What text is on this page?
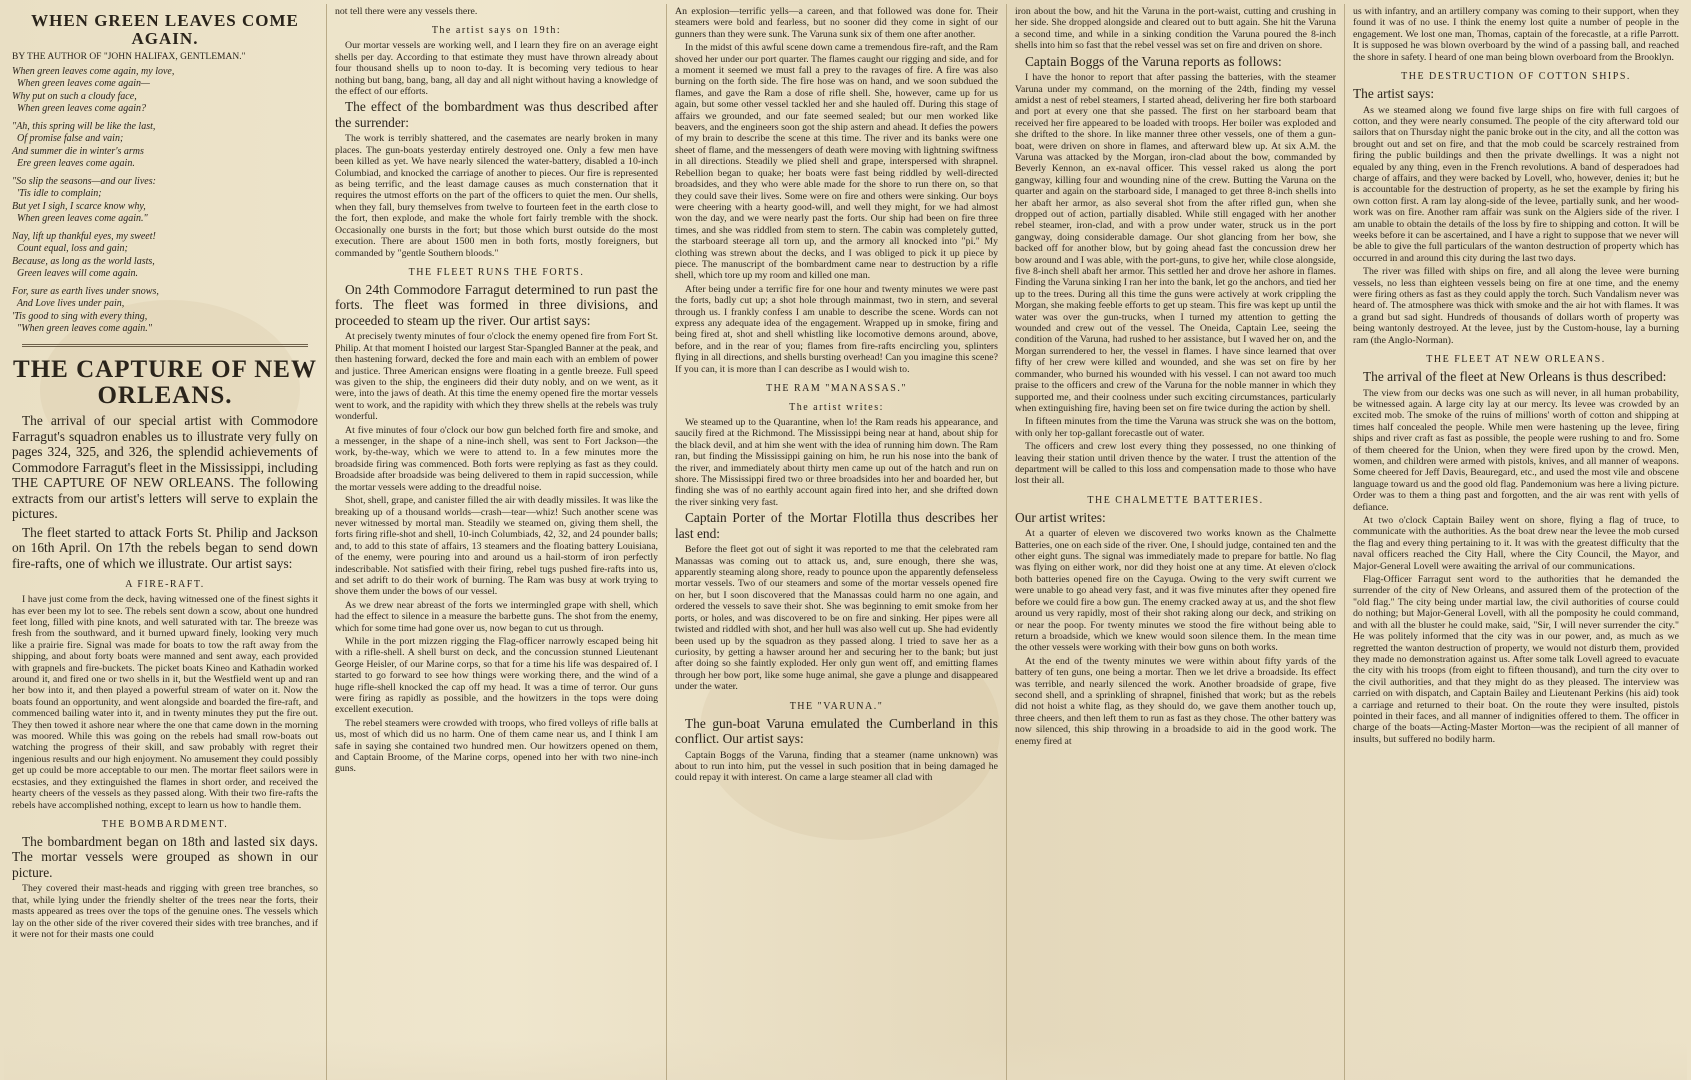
WHEN GREEN LEAVES COME AGAIN.
BY THE AUTHOR OF "JOHN HALIFAX, GENTLEMAN."
When green leaves come again, my love,
When green leaves come again—
Why put on such a cloudy face,
When green leaves come again?
"Ah, this spring will be like the last,
Of promise false and vain;
And summer die in winter's arms
Ere green leaves come again.
"So slip the seasons—and our lives:
'Tis idle to complain;
But yet I sigh, I scarce know why,
When green leaves come again."
Nay, lift up thankful eyes, my sweet!
Count equal, loss and gain;
Because, as long as the world lasts,
Green leaves will come again.
For, sure as earth lives under snows,
And Love lives under pain,
'Tis good to sing with every thing,
"When green leaves come again."
THE CAPTURE OF NEW ORLEANS.

The arrival of our special artist with Commodore Farragut's squadron enables us to illustrate very fully on pages 324, 325, and 326, the splendid achievements of Commodore Farragut's fleet in the Mississippi, including THE CAPTURE OF NEW ORLEANS. The following extracts from our artist's letters will serve to explain the pictures.

The fleet started to attack Forts St. Philip and Jackson on 16th April. On 17th the rebels began to send down fire-rafts, one of which we illustrate. Our artist says:

A FIRE-RAFT.

I have just come from the deck, having witnessed one of the finest sights it has ever been my lot to see. The rebels sent down a scow, about one hundred feet long, filled with pine knots, and well saturated with tar. The breeze was fresh from the southward, and it burned upward finely, looking very much like a prairie fire. Signal was made for boats to tow the raft away from the shipping, and about forty boats were manned and sent away, each provided with grapnels and fire-buckets. The picket boats Kineo and Kathadin worked around it, and fired one or two shells in it, but the Westfield went up and ran her bow into it, and then played a powerful stream of water on it. Now the boats found an opportunity, and went alongside and boarded the fire-raft, and commenced bailing water into it, and in twenty minutes they put the fire out. They then towed it ashore near where the one that came down in the morning was moored. While this was going on the rebels had small row-boats out watching the progress of their skill, and saw probably with regret their ingenious results and our high enjoyment. No amusement they could possibly get up could be more acceptable to our men. The mortar fleet sailors were in ecstasies, and they extinguished the flames in short order, and received the hearty cheers of the vessels as they passed along. With their two fire-rafts the rebels have accomplished nothing, except to learn us how to handle them.

THE BOMBARDMENT.

The bombardment began on 18th and lasted six days. The mortar vessels were grouped as shown in our picture.

They covered their mast-heads and rigging with green tree branches, so that, while lying under the friendly shelter of the trees near the forts, their masts appeared as trees over the tops of the genuine ones. The vessels which lay on the other side of the river covered their sides with tree branches, and if it were not for their masts one could

not tell there were any vessels there.

The artist says on 19th:

Our mortar vessels are working well, and I learn they fire on an average eight shells per day. According to that estimate they must have thrown already about four thousand shells up to noon to-day. It is becoming very tedious to hear nothing but bang, bang, bang, all day and all night without having a knowledge of the effect of our efforts.

The effect of the bombardment was thus described after the surrender:

The work is terribly shattered, and the casemates are nearly broken in many places. The gun-boats yesterday entirely destroyed one. Only a few men have been killed as yet. We have nearly silenced the water-battery, disabled a 10-inch Columbiad, and knocked the carriage of another to pieces. Our fire is represented as being terrific, and the least damage causes as much consternation that it requires the utmost efforts on the part of the officers to quiet the men. Our shells, when they fall, bury themselves from twelve to fourteen feet in the earth close to the fort, then explode, and make the whole fort fairly tremble with the shock. Occasionally one bursts in the fort; but those which burst outside do the most execution. There are about 1500 men in both forts, mostly foreigners, but commanded by "gentle Southern bloods."

THE FLEET RUNS THE FORTS.

On 24th Commodore Farragut determined to run past the forts. The fleet was formed in three divisions, and proceeded to steam up the river. Our artist says:

At precisely twenty minutes of four o'clock the enemy opened fire from Fort St. Philip. At that moment I hoisted our largest Star-Spangled Banner at the peak, and then hastening forward, decked the fore and main each with an emblem of power and justice. Three American ensigns were floating in a gentle breeze. Full speed was given to the ship, the engineers did their duty nobly, and on we went, as it were, into the jaws of death. At this time the enemy opened fire the mortar vessels went to work, and the rapidity with which they threw shells at the rebels was truly wonderful.

At five minutes of four o'clock our bow gun belched forth fire and smoke, and a messenger, in the shape of a nine-inch shell, was sent to Fort Jackson—the work, by-the-way, which we were to attend to. In a few minutes more the broadside firing was commenced. Both forts were replying as fast as they could. Broadside after broadside was being delivered to them in rapid succession, while the mortar vessels were adding to the dreadful noise.

Shot, shell, grape, and canister filled the air with deadly missiles. It was like the breaking up of a thousand worlds—crash—tear—whiz! Such another scene was never witnessed by mortal man. Steadily we steamed on, giving them shell, the forts firing rifle-shot and shell, 10-inch Columbiads, 42, 32, and 24 pounder balls; and, to add to this state of affairs, 13 steamers and the floating battery Louisiana, of the enemy, were pouring into and around us a hail-storm of iron perfectly indescribable. Not satisfied with their firing, rebel tugs pushed fire-rafts into us, and set adrift to do their work of burning. The Ram was busy at work trying to shove them under the bows of our vessel.

As we drew near abreast of the forts we intermingled grape with shell, which had the effect to silence in a measure the barbette guns. The shot from the enemy, which for some time had gone over us, now began to cut us through.

While in the port mizzen rigging the Flag-officer narrowly escaped being hit with a rifle-shell. A shell burst on deck, and the concussion stunned Lieutenant George Heisler, of our Marine corps, so that for a time his life was despaired of. I started to go forward to see how things were working there, and the wind of a huge rifle-shell knocked the cap off my head. It was a time of terror. Our guns were firing as rapidly as possible, and the howitzers in the tops were doing excellent execution.

The rebel steamers were crowded with troops, who fired volleys of rifle balls at us, most of which did us no harm. One of them came near us, and I think I am safe in saying she contained two hundred men. Our howitzers opened on them, and Captain Broome, of the Marine corps, opened into her with two nine-inch guns.

An explosion—terrific yells—a careen, and that followed was done for. Their steamers were bold and fearless, but no sooner did they come in sight of our gunners than they were sunk. The Varuna sunk six of them one after another.

In the midst of this awful scene down came a tremendous fire-raft, and the Ram shoved her under our port quarter. The flames caught our rigging and side, and for a moment it seemed we must fall a prey to the ravages of fire. A fire was also burning on the forth side. The fire hose was on hand, and we soon subdued the flames, and gave the Ram a dose of rifle shell. She, however, came up for us again, but some other vessel tackled her and she hauled off. During this stage of affairs we grounded, and our fate seemed sealed; but our men worked like beavers, and the engineers soon got the ship astern and ahead. It defies the powers of my brain to describe the scene at this time. The river and its banks were one sheet of flame, and the messengers of death were moving with lightning swiftness in all directions. Steadily we plied shell and grape, interspersed with shrapnel. Rebellion began to quake; her boats were fast being riddled by well-directed broadsides, and they who were able made for the shore to run there on, so that they could save their lives. Some were on fire and others were sinking. Our boys were cheering with a hearty good-will, and well they might, for we had almost won the day, and we were nearly past the forts. Our ship had been on fire three times, and she was riddled from stem to stern. The cabin was completely gutted, the starboard steerage all torn up, and the armory all knocked into "pi." My clothing was strewn about the decks, and I was obliged to pick it up piece by piece. The manuscript of the bombardment came near to destruction by a rifle shell, which tore up my room and killed one man.

After being under a terrific fire for one hour and twenty minutes we were past the forts, badly cut up; a shot hole through mainmast, two in stern, and several through us. I frankly confess I am unable to describe the scene. Words can not express any adequate idea of the engagement. Wrapped up in smoke, firing and being fired at, shot and shell whistling like locomotive demons around, above, before, and in the rear of you; flames from fire-rafts encircling you, splinters flying in all directions, and shells bursting overhead! Can you imagine this scene? If you can, it is more than I can describe as I would wish to.

THE RAM "MANASSAS."
The artist writes:

We steamed up to the Quarantine, when lo! the Ram reads his appearance, and saucily fired at the Richmond. The Mississippi being near at hand, about ship for the black devil, and at him she went with the idea of running him down. The Ram ran, but finding the Mississippi gaining on him, he run his nose into the bank of the river, and immediately about thirty men came up out of the hatch and run on shore. The Mississippi fired two or three broadsides into her and boarded her, but finding she was of no earthly account again fired into her, and she drifted down the river sinking very fast.

Captain Porter of the Mortar Flotilla thus describes her last end:

Before the fleet got out of sight it was reported to me that the celebrated ram Manassas was coming out to attack us, and, sure enough, there she was, apparently steaming along shore, ready to pounce upon the apparently defenseless mortar vessels. Two of our steamers and some of the mortar vessels opened fire on her, but I soon discovered that the Manassas could harm no one again, and ordered the vessels to save their shot. She was beginning to emit smoke from her ports, or holes, and was discovered to be on fire and sinking. Her pipes were all twisted and riddled with shot, and her hull was also well cut up. She had evidently been used up by the squadron as they passed along. I tried to save her as a curiosity, by getting a hawser around her and securing her to the bank; but just after doing so she faintly exploded. Her only gun went off, and emitting flames through her bow port, like some huge animal, she gave a plunge and disappeared under the water.

THE "VARUNA."

The gun-boat Varuna emulated the Cumberland in this conflict. Our artist says:

Captain Boggs of the Varuna, finding that a steamer (name unknown) was about to run into him, put the vessel in such position that in being damaged he could repay it with interest. On came a large steamer all clad with

iron about the bow, and hit the Varuna in the port-waist, cutting and crushing in her side. She dropped alongside and cleared out to butt again. She hit the Varuna a second time, and while in a sinking condition the Varuna poured the 8-inch shells into him so fast that the rebel vessel was set on fire and driven on shore.

Captain Boggs of the Varuna reports as follows:

I have the honor to report that after passing the batteries, with the steamer Varuna under my command, on the morning of the 24th, finding my vessel amidst a nest of rebel steamers, I started ahead, delivering her fire both starboard and port at every one that she passed. The first on her starboard beam that received her fire appeared to be loaded with troops. Her boiler was exploded and she drifted to the shore. In like manner three other vessels, one of them a gun-boat, were driven on shore in flames, and afterward blew up. At six A.M. the Varuna was attacked by the Morgan, iron-clad about the bow, commanded by Beverly Kennon, an ex-naval officer. This vessel raked us along the port gangway, killing four and wounding nine of the crew. Butting the Varuna on the quarter and again on the starboard side, I managed to get three 8-inch shells into her abaft her armor, as also several shot from the after rifled gun, when she dropped out of action, partially disabled. While still engaged with her another rebel steamer, iron-clad, and with a prow under water, struck us in the port gangway, doing considerable damage. Our shot glancing from her bow, she backed off for another blow, but by going ahead fast the concussion drew her bow around and I was able, with the port-guns, to give her, while close alongside, five 8-inch shell abaft her armor. This settled her and drove her ashore in flames. Finding the Varuna sinking I ran her into the bank, let go the anchors, and tied her up to the trees. During all this time the guns were actively at work crippling the Morgan, she making feeble efforts to get up steam. This fire was kept up until the water was over the gun-trucks, when I turned my attention to getting the wounded and crew out of the vessel. The Oneida, Captain Lee, seeing the condition of the Varuna, had rushed to her assistance, but I waved her on, and the Morgan surrendered to her, the vessel in flames. I have since learned that over fifty of her crew were killed and wounded, and she was set on fire by her commander, who burned his wounded with his vessel. I can not award too much praise to the officers and crew of the Varuna for the noble manner in which they supported me, and their coolness under such exciting circumstances, particularly when extinguishing fire, having been set on fire twice during the action by shell.

In fifteen minutes from the time the Varuna was struck she was on the bottom, with only her top-gallant forecastle out of water.

The officers and crew lost every thing they possessed, no one thinking of leaving their station until driven thence by the water. I trust the attention of the department will be called to this loss and compensation made to those who have lost their all.

THE CHALMETTE BATTERIES.

Our artist writes:

At a quarter of eleven we discovered two works known as the Chalmette Batteries, one on each side of the river. One, I should judge, contained ten and the other eight guns. The signal was immediately made to prepare for battle. No flag was flying on either work, nor did they hoist one at any time. At eleven o'clock both batteries opened fire on the Cayuga. Owing to the very swift current we were unable to go ahead very fast, and it was five minutes after they opened fire before we could fire a bow gun. The enemy cracked away at us, and the shot flew around us very rapidly, most of their shot raking along our deck, and striking on or near the poop. For twenty minutes we stood the fire without being able to return a broadside, which we knew would soon silence them. In the mean time the other vessels were working with their bow guns on both works.

At the end of the twenty minutes we were within about fifty yards of the battery of ten guns, one being a mortar. Then we let drive a broadside. Its effect was terrible, and nearly silenced the work. Another broadside of grape, five second shell, and a sprinkling of shrapnel, finished that work; but as the rebels did not hoist a white flag, as they should do, we gave them another touch up, three cheers, and then left them to run as fast as they chose. The other battery was now silenced, this ship throwing in a broadside to aid in the good work. The enemy fired at

us with infantry, and an artillery company was coming to their support, when they found it was of no use. I think the enemy lost quite a number of people in the engagement. We lost one man, Thomas, captain of the forecastle, at a rifle Parrott. It is supposed he was blown overboard by the wind of a passing ball, and reached the shore in safety. I heard of one man being blown overboard from the Brooklyn.

THE DESTRUCTION OF COTTON SHIPS.

The artist says:

As we steamed along we found five large ships on fire with full cargoes of cotton, and they were nearly consumed. The people of the city afterward told our sailors that on Thursday night the panic broke out in the city, and all the cotton was brought out and set on fire, and that the mob could be scarcely restrained from firing the public buildings and then the private dwellings. It was a night not equaled by any thing, even in the French revolutions. A band of desperadoes had charge of affairs, and they were backed by Lovell, who, however, denies it; but he is accountable for the destruction of property, as he set the example by firing his own cotton first. A ram lay along-side of the levee, partially sunk, and her wood-work was on fire. Another ram affair was sunk on the Algiers side of the river. I am unable to obtain the details of the loss by fire to shipping and cotton. It will be weeks before it can be ascertained, and I have a right to suppose that we never will be able to give the full particulars of the wanton destruction of property which has occurred in and around this city during the last two days.

The river was filled with ships on fire, and all along the levee were burning vessels, no less than eighteen vessels being on fire at one time, and the enemy were firing others as fast as they could apply the torch. Such Vandalism never was heard of. The atmosphere was thick with smoke and the air hot with flames. It was a grand but sad sight. Hundreds of thousands of dollars worth of property was being wantonly destroyed. At the levee, just by the Custom-house, lay a burning ram (the Anglo-Norman).

THE FLEET AT NEW ORLEANS.

The arrival of the fleet at New Orleans is thus described:

The view from our decks was one such as will never, in all human probability, be witnessed again. A large city lay at our mercy. Its levee was crowded by an excited mob. The smoke of the ruins of millions' worth of cotton and shipping at times half concealed the people. While men were hastening up the levee, firing ships and river craft as fast as possible, the people were rushing to and fro. Some of them cheered for the Union, when they were fired upon by the crowd. Men, women, and children were armed with pistols, knives, and all manner of weapons. Some cheered for Jeff Davis, Beauregard, etc., and used the most vile and obscene language toward us and the good old flag. Pandemonium was here a living picture. Order was to them a thing past and forgotten, and the air was rent with yells of defiance.

At two o'clock Captain Bailey went on shore, flying a flag of truce, to communicate with the authorities. As the boat drew near the levee the mob cursed the flag and every thing pertaining to it. It was with the greatest difficulty that the naval officers reached the City Hall, where the City Council, the Mayor, and Major-General Lovell were awaiting the arrival of our communications.

Flag-Officer Farragut sent word to the authorities that he demanded the surrender of the city of New Orleans, and assured them of the protection of the "old flag." The city being under martial law, the civil authorities of course could do nothing; but Major-General Lovell, with all the pomposity he could command, and with all the bluster he could make, said, "Sir, I will never surrender the city." He was politely informed that the city was in our power, and, as much as we regretted the wanton destruction of property, we would not disturb them, provided they made no demonstration against us. After some talk Lovell agreed to evacuate the city with his troops (from eight to fifteen thousand), and turn the city over to the civil authorities, and that they might do as they pleased. The interview was carried on with dispatch, and Captain Bailey and Lieutenant Perkins (his aid) took a carriage and returned to their boat. On the route they were insulted, pistols pointed in their faces, and all manner of indignities offered to them. The officer in charge of the boats—Acting-Master Morton—was the recipient of all manner of insults, but suffered no bodily harm.
